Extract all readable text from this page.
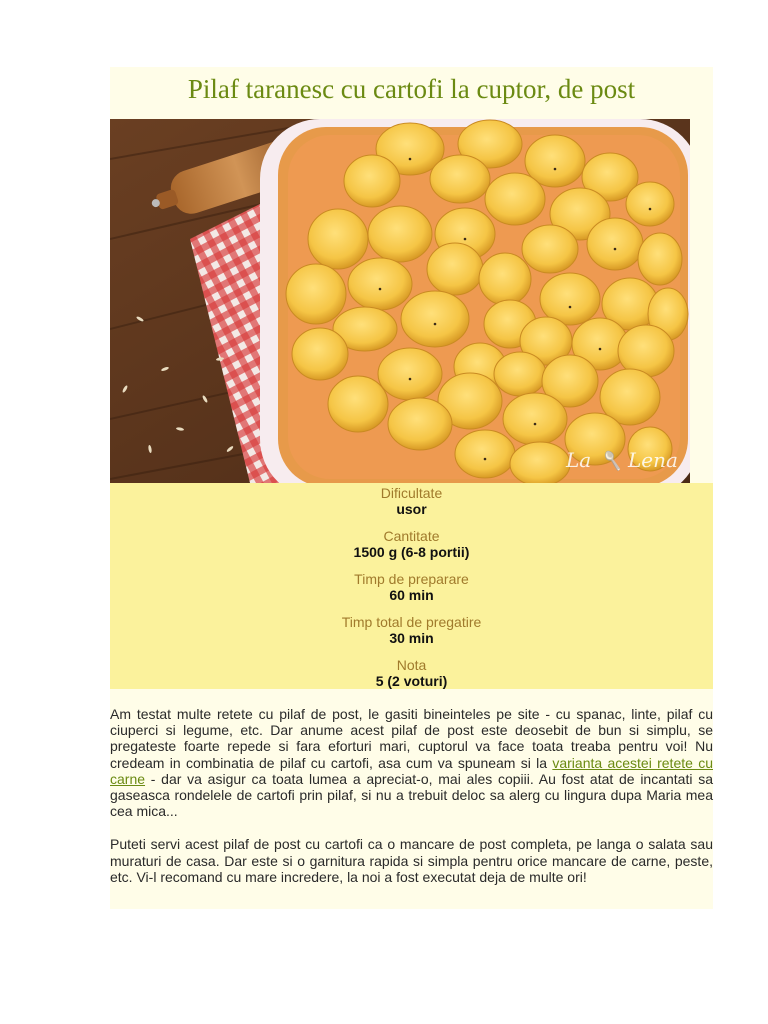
Pilaf taranesc cu cartofi la cuptor, de post
La 🥄 Lena
Dificultate
usor
Cantitate
1500 g (6-8 portii)
Timp de preparare
60 min
Timp total de pregatire
30 min
Nota
5 (2 voturi)

Am testat multe retete cu pilaf de post, le gasiti bineinteles pe site - cu spanac, linte, pilaf cu ciuperci si legume, etc. Dar anume acest pilaf de post este deosebit de bun si simplu, se pregateste foarte repede si fara eforturi mari, cuptorul va face toata treaba pentru voi! Nu credeam in combinatia de pilaf cu cartofi, asa cum va spuneam si la varianta acestei retete cu carne - dar va asigur ca toata lumea a apreciat-o, mai ales copiii. Au fost atat de incantati sa gaseasca rondelele de cartofi prin pilaf, si nu a trebuit deloc sa alerg cu lingura dupa Maria mea cea mica...

Puteti servi acest pilaf de post cu cartofi ca o mancare de post completa, pe langa o salata sau muraturi de casa. Dar este si o garnitura rapida si simpla pentru orice mancare de carne, peste, etc. Vi-l recomand cu mare incredere, la noi a fost executat deja de multe ori!
